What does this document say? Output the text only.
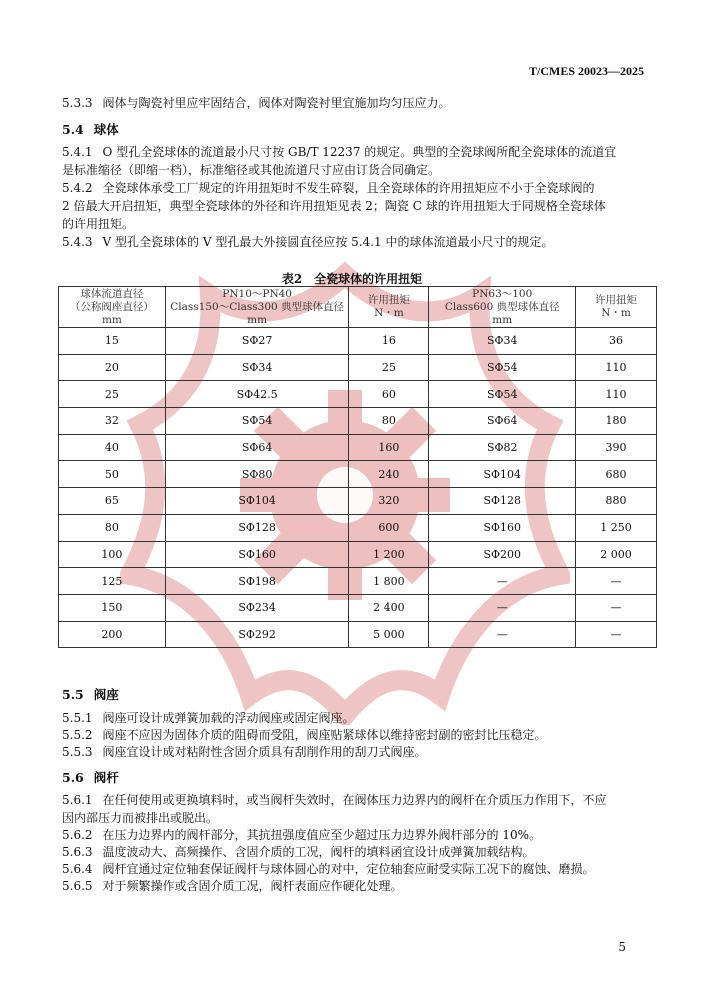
T/CMES 20023—2025
5.3.3 阀体与陶瓷衬里应牢固结合，阀体对陶瓷衬里宜施加均匀压应力。
5.4 球体
5.4.1 O 型孔全瓷球体的流道最小尺寸按 GB/T 12237 的规定。典型的全瓷球阀所配全瓷球体的流道宜
是标准缩径（即缩一档），标准缩径或其他流道尺寸应由订货合同确定。
5.4.2 全瓷球体承受工厂规定的许用扭矩时不发生碎裂，且全瓷球体的许用扭矩应不小于全瓷球阀的
2 倍最大开启扭矩，典型全瓷球体的外径和许用扭矩见表 2；陶瓷 C 球的许用扭矩大于同规格全瓷球体
的许用扭矩。
5.4.3 V 型孔全瓷球体的 V 型孔最大外接圆直径应按 5.4.1 中的球体流道最小尺寸的规定。
表2　全瓷球体的许用扭矩
球体流道直径
（公称阀座直径）
mm	PN10～PN40
Class150～Class300 典型球体直径
mm	许用扭矩
N・m	PN63～100
Class600 典型球体直径
mm	许用扭矩
N・m
15	SΦ27	16	SΦ34	36
20	SΦ34	25	SΦ54	110
25	SΦ42.5	60	SΦ54	110
32	SΦ54	80	SΦ64	180
40	SΦ64	160	SΦ82	390
50	SΦ80	240	SΦ104	680
65	SΦ104	320	SΦ128	880
80	SΦ128	600	SΦ160	1 250
100	SΦ160	1 200	SΦ200	2 000
125	SΦ198	1 800	—	—
150	SΦ234	2 400	—	—
200	SΦ292	5 000	—	—
5.5 阀座
5.5.1 阀座可设计成弹簧加载的浮动阀座或固定阀座。
5.5.2 阀座不应因为固体介质的阻碍而受阻，阀座贴紧球体以维持密封副的密封比压稳定。
5.5.3 阀座宜设计成对粘附性含固介质具有刮削作用的刮刀式阀座。
5.6 阀杆
5.6.1 在任何使用或更换填料时，或当阀杆失效时，在阀体压力边界内的阀杆在介质压力作用下，不应
因内部压力而被排出或脱出。
5.6.2 在压力边界内的阀杆部分，其抗扭强度值应至少超过压力边界外阀杆部分的 10%。
5.6.3 温度波动大、高频操作、含固介质的工况，阀杆的填料函宜设计成弹簧加载结构。
5.6.4 阀杆宜通过定位轴套保证阀杆与球体圆心的对中，定位轴套应耐受实际工况下的腐蚀、磨损。
5.6.5 对于频繁操作或含固介质工况，阀杆表面应作硬化处理。
5
